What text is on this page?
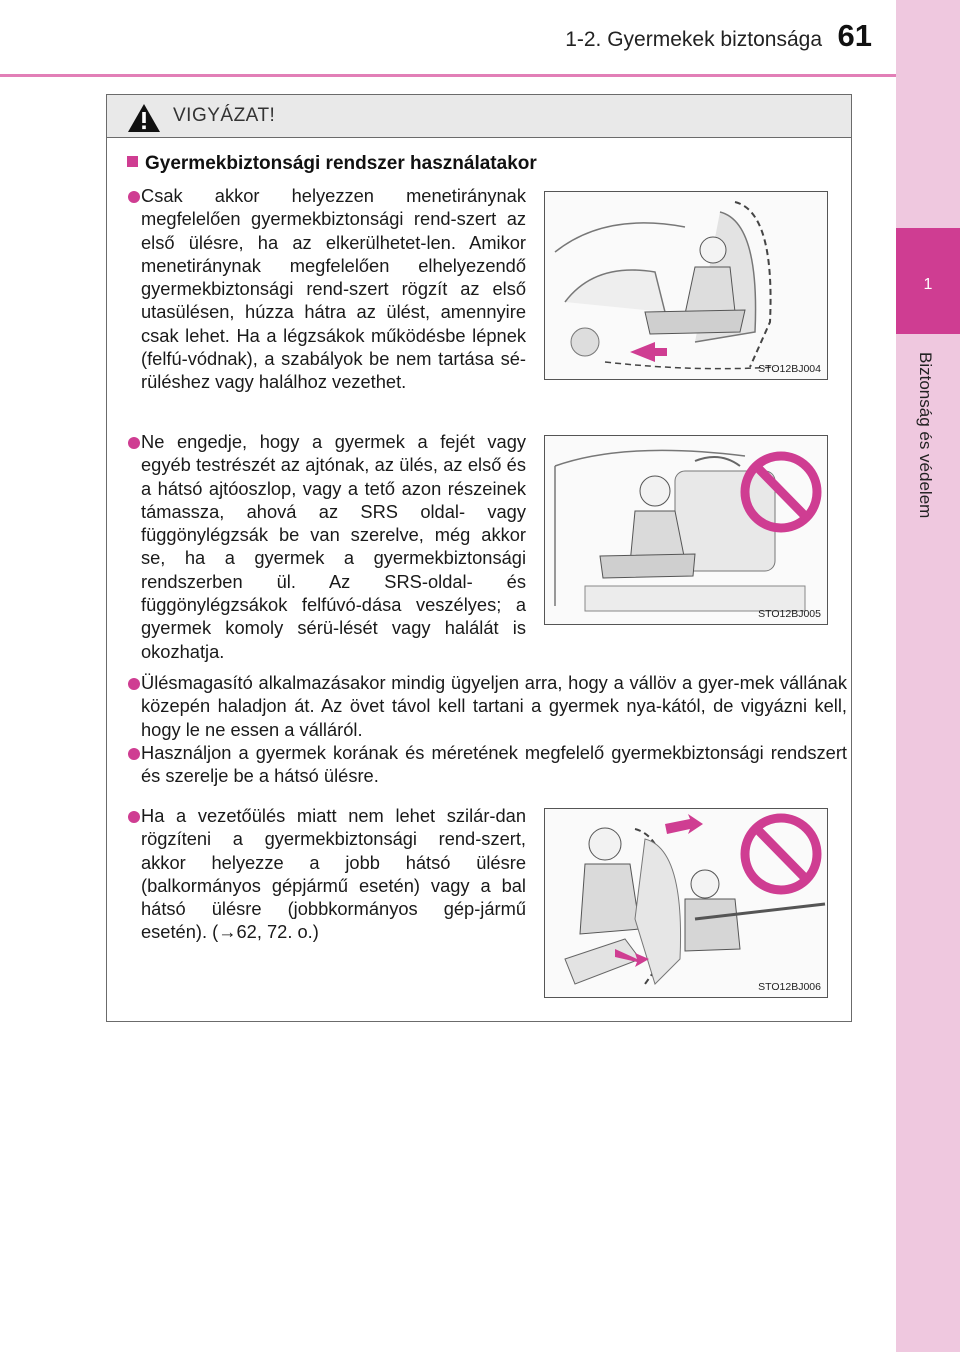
1-2. Gyermekek biztonsága 61
1
Biztonság és védelem
VIGYÁZAT!
Gyermekbiztonsági rendszer használatakor
Csak akkor helyezzen menetiránynak megfelelően gyermekbiztonsági rend-szert az első ülésre, ha az elkerülhetet-len. Amikor menetiránynak megfelelően elhelyezendő gyermekbiztonsági rend-szert rögzít az első utasülésen, húzza hátra az ülést, amennyire csak lehet. Ha a légzsákok működésbe lépnek (felfú-vódnak), a szabályok be nem tartása sé-rüléshez vagy halálhoz vezethet.
STO12BJ004
Ne engedje, hogy a gyermek a fejét vagy egyéb testrészét az ajtónak, az ülés, az első és a hátsó ajtóoszlop, vagy a tető azon részeinek támassza, ahová az SRS oldal- vagy függönylégzsák be van szerelve, még akkor se, ha a gyermek a gyermekbiztonsági rendszerben ül. Az SRS-oldal- és függönylégzsákok felfúvó-dása veszélyes; a gyermek komoly sérü-lését vagy halálát is okozhatja.
STO12BJ005
Ülésmagasító alkalmazásakor mindig ügyeljen arra, hogy a vállöv a gyer-mek vállának közepén haladjon át. Az övet távol kell tartani a gyermek nya-kától, de vigyázni kell, hogy le ne essen a válláról.
Használjon a gyermek korának és méretének megfelelő gyermekbiztonsági rendszert és szerelje be a hátsó ülésre.
Ha a vezetőülés miatt nem lehet szilár-dan rögzíteni a gyermekbiztonsági rend-szert, akkor helyezze a jobb hátsó ülésre (balkormányos gépjármű esetén) vagy a bal hátsó ülésre (jobbkormányos gép-jármű esetén). (→62, 72. o.)
STO12BJ006
